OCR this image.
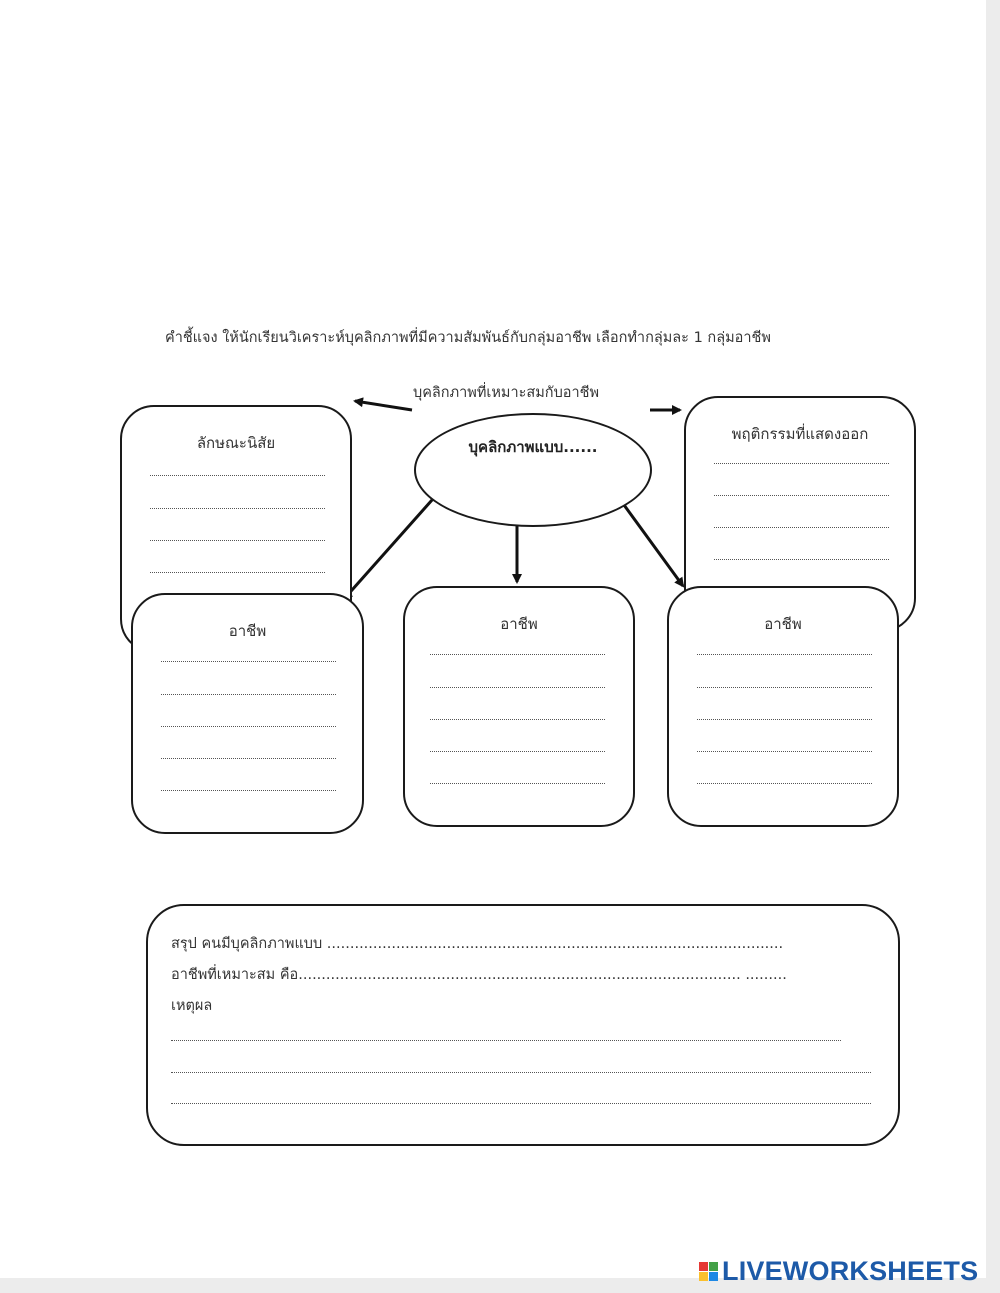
คำชี้แจง ให้นักเรียนวิเคราะห์บุคลิกภาพที่มีความสัมพันธ์กับกลุ่มอาชีพ เลือกทำกลุ่มละ 1 กลุ่มอาชีพ
บุคลิกภาพที่เหมาะสมกับอาชีพ
ลักษณะนิสัย	พฤติกรรมที่แสดงออก
บุคลิกภาพแบบ......
อาชีพ	อาชีพ	อาชีพ
สรุป คนมีบุคลิกภาพแบบ ...................................................................................................
อาชีพที่เหมาะสม คือ................................................................................................ .........
เหตุผล
LIVEWORKSHEETS
